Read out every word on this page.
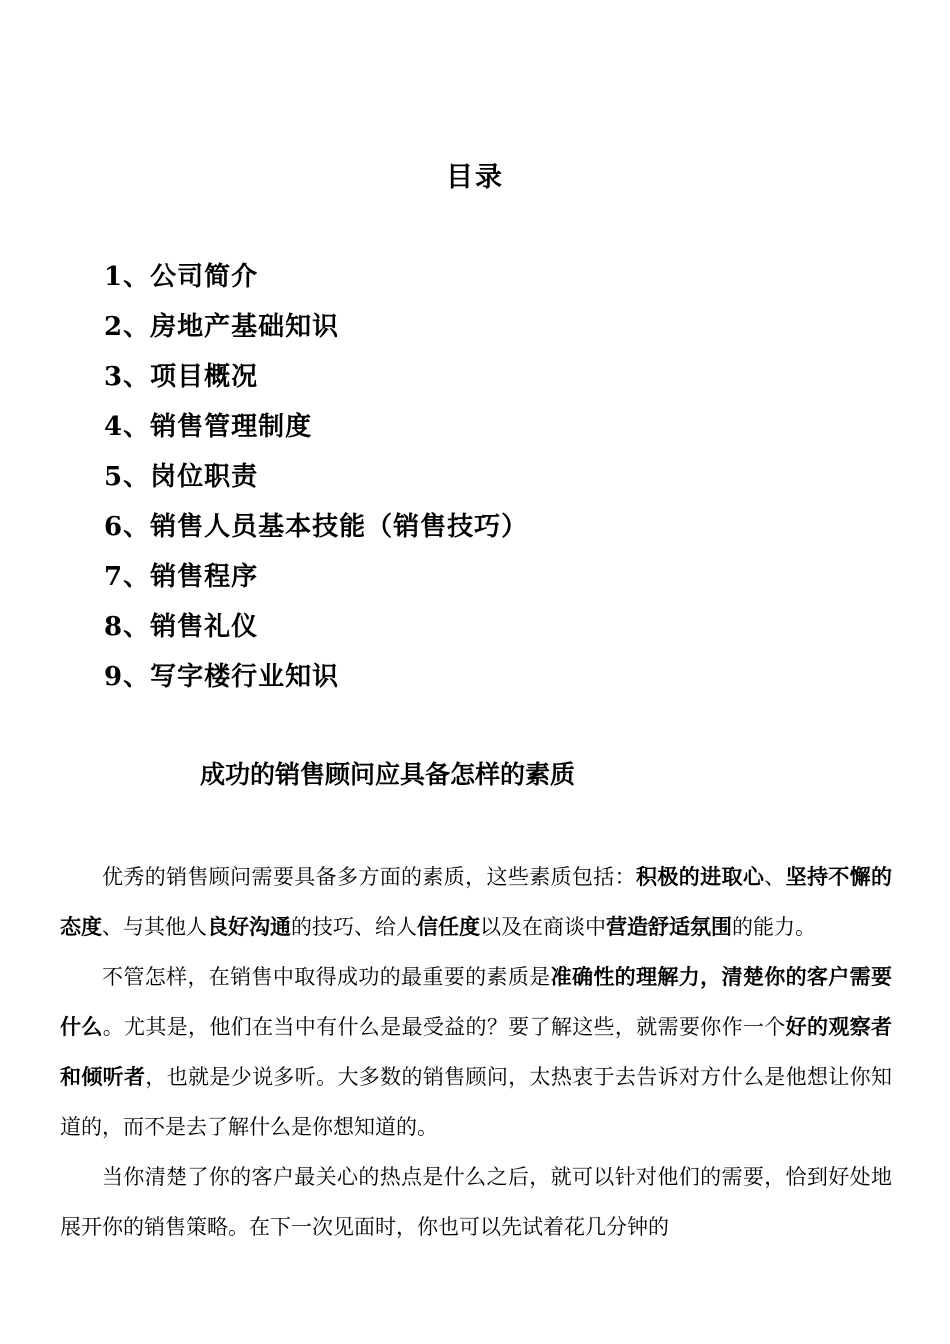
目录
1、公司简介
2、房地产基础知识
3、项目概况
4、销售管理制度
5、岗位职责
6、销售人员基本技能（销售技巧）
7、销售程序
8、销售礼仪
9、写字楼行业知识
成功的销售顾问应具备怎样的素质

优秀的销售顾问需要具备多方面的素质，这些素质包括：积极的进取心、坚持不懈的态度、与其他人良好沟通的技巧、给人信任度以及在商谈中营造舒适氛围的能力。

不管怎样，在销售中取得成功的最重要的素质是准确性的理解力，清楚你的客户需要什么。尤其是，他们在当中有什么是最受益的？要了解这些，就需要你作一个好的观察者和倾听者，也就是少说多听。大多数的销售顾问，太热衷于去告诉对方什么是他想让你知道的，而不是去了解什么是你想知道的。

当你清楚了你的客户最关心的热点是什么之后，就可以针对他们的需要，恰到好处地展开你的销售策略。在下一次见面时，你也可以先试着花几分钟的
